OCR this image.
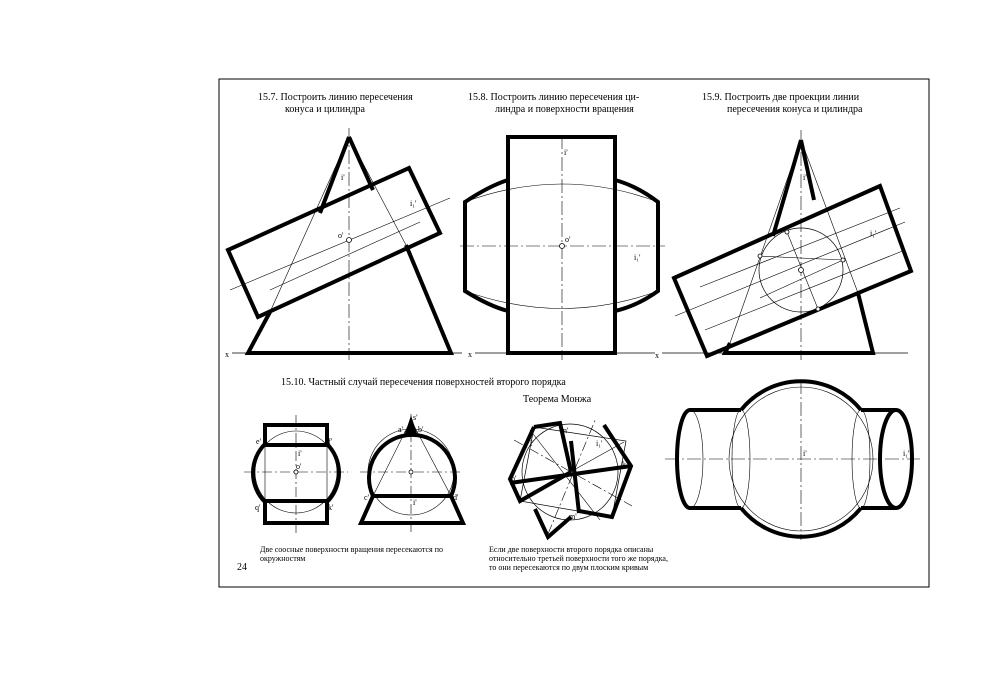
15.7. Построить линию пересечения
конуса и цилиндра
15.8. Построить линию пересечения ци-
линдра и поверхности вращения
15.9. Построить две проекции линии
пересечения конуса и цилиндра
15.10. Частный случай пересечения поверхностей второго порядка
Теорема Монжа
Две соосные поверхности вращения пересекаются по
окружностям
Если две поверхности второго порядка описаны
относительно третьей поверхности того же порядка,
то они пересекаются по двум плоским кривым
24
x	x	x
i'
o'
i₁'
i'
o'
i₁'
i'
i₁'
e'	f'
i'
o'
q'	k'
s'
a' b'
c'	d'
i'
l'
n'
i₁'
p'
k
m'
i'	i₁'
